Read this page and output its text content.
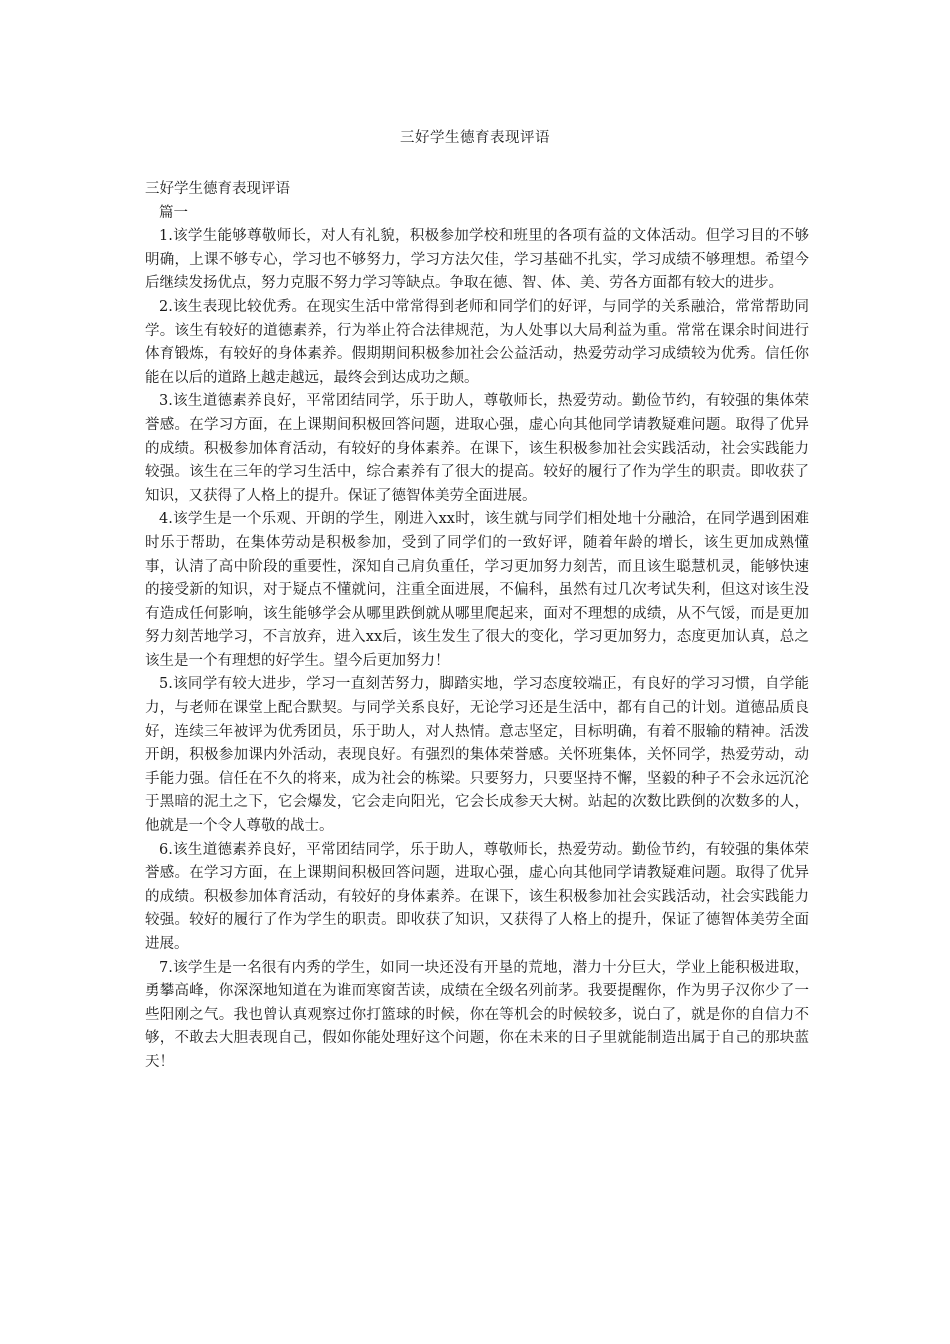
三好学生德育表现评语

三好学生德育表现评语

篇一

1.该学生能够尊敬师长，对人有礼貌，积极参加学校和班里的各项有益的文体活动。但学习目的不够明确，上课不够专心，学习也不够努力，学习方法欠佳，学习基础不扎实，学习成绩不够理想。希望今后继续发扬优点，努力克服不努力学习等缺点。争取在德、智、体、美、劳各方面都有较大的进步。

2.该生表现比较优秀。在现实生活中常常得到老师和同学们的好评，与同学的关系融洽，常常帮助同学。该生有较好的道德素养，行为举止符合法律规范，为人处事以大局利益为重。常常在课余时间进行体育锻炼，有较好的身体素养。假期期间积极参加社会公益活动，热爱劳动学习成绩较为优秀。信任你能在以后的道路上越走越远，最终会到达成功之颠。

3.该生道德素养良好，平常团结同学，乐于助人，尊敬师长，热爱劳动。勤俭节约，有较强的集体荣誉感。在学习方面，在上课期间积极回答问题，进取心强，虚心向其他同学请教疑难问题。取得了优异的成绩。积极参加体育活动，有较好的身体素养。在课下，该生积极参加社会实践活动，社会实践能力较强。该生在三年的学习生活中，综合素养有了很大的提高。较好的履行了作为学生的职责。即收获了知识，又获得了人格上的提升。保证了德智体美劳全面进展。

4.该学生是一个乐观、开朗的学生，刚进入xx时，该生就与同学们相处地十分融洽，在同学遇到困难时乐于帮助，在集体劳动是积极参加，受到了同学们的一致好评，随着年龄的增长，该生更加成熟懂事，认清了高中阶段的重要性，深知自己肩负重任，学习更加努力刻苦，而且该生聪慧机灵，能够快速的接受新的知识，对于疑点不懂就问，注重全面进展，不偏科，虽然有过几次考试失利，但这对该生没有造成任何影响，该生能够学会从哪里跌倒就从哪里爬起来，面对不理想的成绩，从不气馁，而是更加努力刻苦地学习，不言放弃，进入xx后，该生发生了很大的变化，学习更加努力，态度更加认真，总之该生是一个有理想的好学生。望今后更加努力！

5.该同学有较大进步，学习一直刻苦努力，脚踏实地，学习态度较端正，有良好的学习习惯，自学能力，与老师在课堂上配合默契。与同学关系良好，无论学习还是生活中，都有自己的计划。道德品质良好，连续三年被评为优秀团员，乐于助人，对人热情。意志坚定，目标明确，有着不服输的精神。活泼开朗，积极参加课内外活动，表现良好。有强烈的集体荣誉感。关怀班集体，关怀同学，热爱劳动，动手能力强。信任在不久的将来，成为社会的栋梁。只要努力，只要坚持不懈，坚毅的种子不会永远沉沦于黑暗的泥土之下，它会爆发，它会走向阳光，它会长成参天大树。站起的次数比跌倒的次数多的人，他就是一个令人尊敬的战士。

6.该生道德素养良好，平常团结同学，乐于助人，尊敬师长，热爱劳动。勤俭节约，有较强的集体荣誉感。在学习方面，在上课期间积极回答问题，进取心强，虚心向其他同学请教疑难问题。取得了优异的成绩。积极参加体育活动，有较好的身体素养。在课下，该生积极参加社会实践活动，社会实践能力较强。较好的履行了作为学生的职责。即收获了知识，又获得了人格上的提升，保证了德智体美劳全面进展。

7.该学生是一名很有内秀的学生，如同一块还没有开垦的荒地，潜力十分巨大，学业上能积极进取，勇攀高峰，你深深地知道在为谁而寒窗苦读，成绩在全级名列前茅。我要提醒你，作为男子汉你少了一些阳刚之气。我也曾认真观察过你打篮球的时候，你在等机会的时候较多，说白了，就是你的自信力不够，不敢去大胆表现自己，假如你能处理好这个问题，你在未来的日子里就能制造出属于自己的那块蓝天！
